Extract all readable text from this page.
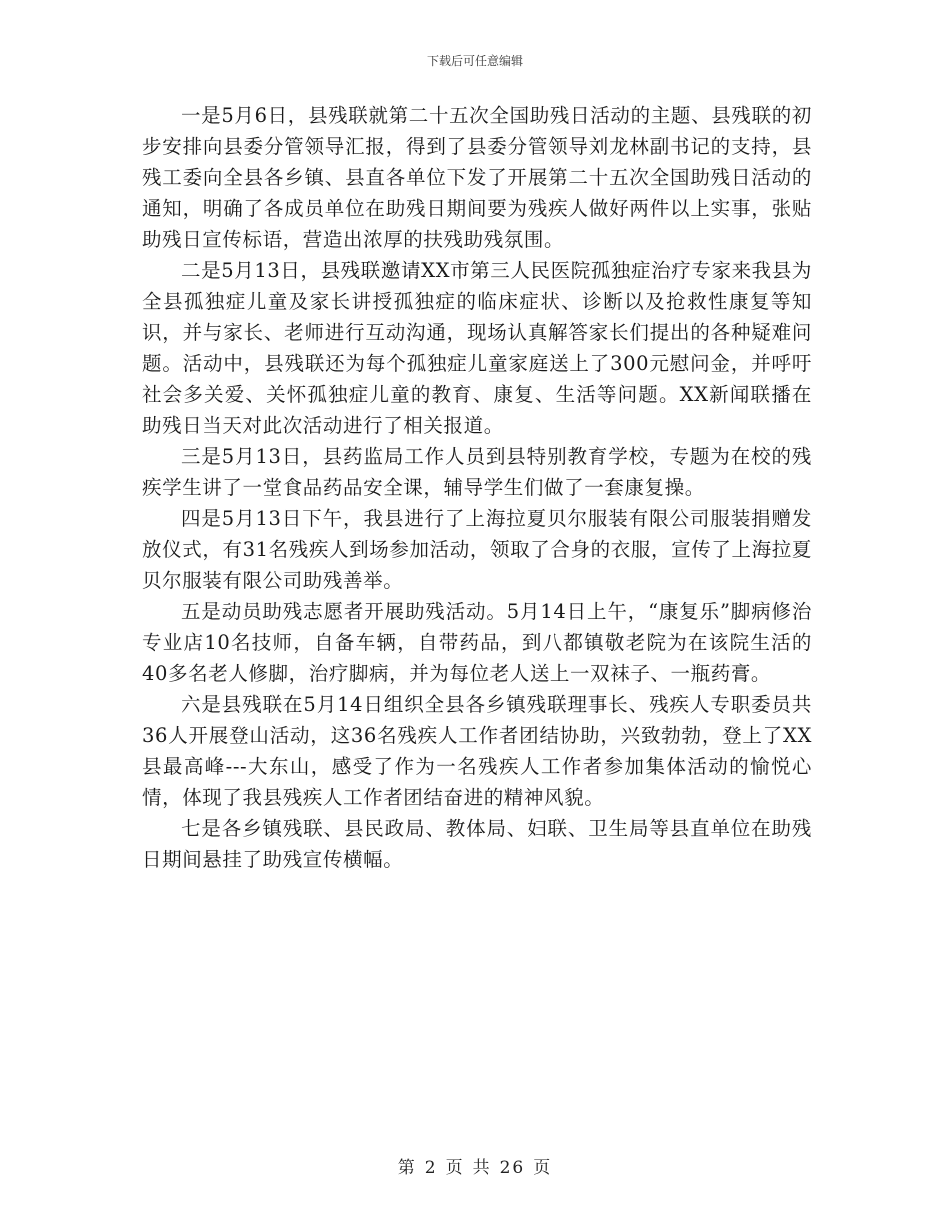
下载后可任意编辑

一是5月6日，县残联就第二十五次全国助残日活动的主题、县残联的初步安排向县委分管领导汇报，得到了县委分管领导刘龙林副书记的支持，县残工委向全县各乡镇、县直各单位下发了开展第二十五次全国助残日活动的通知，明确了各成员单位在助残日期间要为残疾人做好两件以上实事，张贴助残日宣传标语，营造出浓厚的扶残助残氛围。

二是5月13日，县残联邀请XX市第三人民医院孤独症治疗专家来我县为全县孤独症儿童及家长讲授孤独症的临床症状、诊断以及抢救性康复等知识，并与家长、老师进行互动沟通，现场认真解答家长们提出的各种疑难问题。活动中，县残联还为每个孤独症儿童家庭送上了300元慰问金，并呼吁社会多关爱、关怀孤独症儿童的教育、康复、生活等问题。XX新闻联播在助残日当天对此次活动进行了相关报道。

三是5月13日，县药监局工作人员到县特别教育学校，专题为在校的残疾学生讲了一堂食品药品安全课，辅导学生们做了一套康复操。

四是5月13日下午，我县进行了上海拉夏贝尔服装有限公司服装捐赠发放仪式，有31名残疾人到场参加活动，领取了合身的衣服，宣传了上海拉夏贝尔服装有限公司助残善举。

五是动员助残志愿者开展助残活动。5月14日上午，“康复乐”脚病修治专业店10名技师，自备车辆，自带药品，到八都镇敬老院为在该院生活的40多名老人修脚，治疗脚病，并为每位老人送上一双袜子、一瓶药膏。

六是县残联在5月14日组织全县各乡镇残联理事长、残疾人专职委员共36人开展登山活动，这36名残疾人工作者团结协助，兴致勃勃，登上了XX县最高峰---大东山，感受了作为一名残疾人工作者参加集体活动的愉悦心情，体现了我县残疾人工作者团结奋进的精神风貌。

七是各乡镇残联、县民政局、教体局、妇联、卫生局等县直单位在助残日期间悬挂了助残宣传横幅。

第 2 页 共 26 页
